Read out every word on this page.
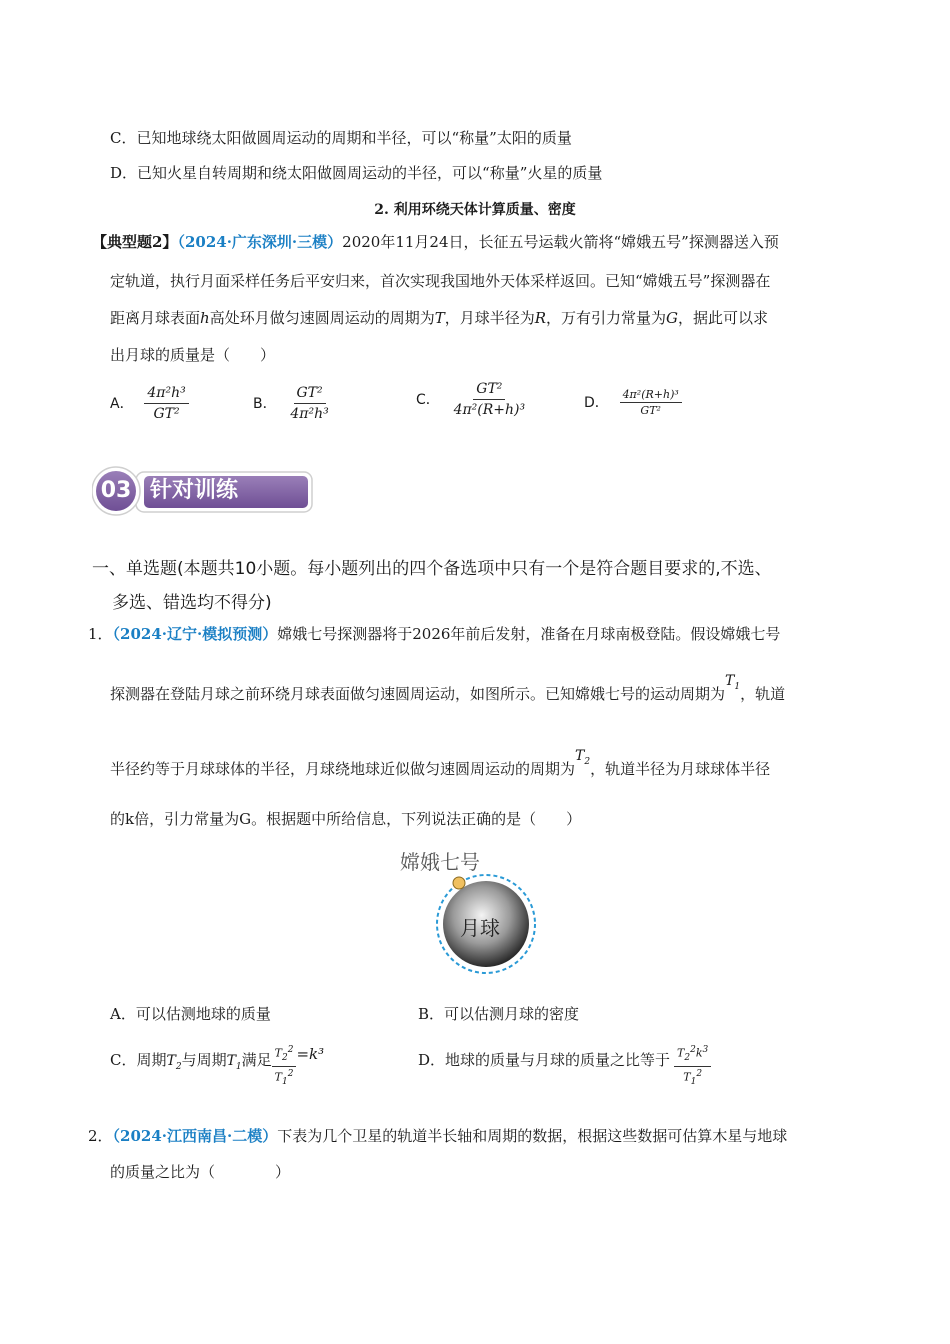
C．已知地球绕太阳做圆周运动的周期和半径，可以“称量”太阳的质量
D．已知火星自转周期和绕太阳做圆周运动的半径，可以“称量”火星的质量
2. 利用环绕天体计算质量、密度
【典型题2】（2024·广东深圳·三模）2020年11月24日，长征五号运载火箭将“嫦娥五号”探测器送入预
定轨道，执行月面采样任务后平安归来，首次实现我国地外天体采样返回。已知“嫦娥五号”探测器在
距离月球表面h高处环月做匀速圆周运动的周期为T，月球半径为R，万有引力常量为G，据此可以求
出月球的质量是（　　）
A． $\frac{\text{4π²h³}}{\text{GT²}}$	B． $\frac{\text{GT²}}{\text{4π²h³}}$	C． $\frac{\text{GT²}}{\text{4π²(R+h)³}}$	D． $\frac{\text{4π²(R+h)³}}{\text{GT²}}$
03 针对训练
一、单选题(本题共10小题。每小题列出的四个备选项中只有一个是符合题目要求的,不选、
多选、错选均不得分)
1．（2024·辽宁·模拟预测）嫦娥七号探测器将于2026年前后发射，准备在月球南极登陆。假设嫦娥七号
探测器在登陆月球之前环绕月球表面做匀速圆周运动，如图所示。已知嫦娥七号的运动周期为$T_1$，轨道
半径约等于月球球体的半径，月球绕地球近似做匀速圆周运动的周期为$T_2$，轨道半径为月球球体半径
的k倍，引力常量为G。根据题中所给信息，下列说法正确的是（　　）
嫦娥七号
月球
A．可以估测地球的质量	B．可以估测月球的密度
C．周期$T_2$与周期$T_1$满足 $\frac{T_2^2}{T_1^2} =k^3$	D．地球的质量与月球的质量之比等于 $\frac{T_2^2k^3}{T_1^2}$
2．（2024·江西南昌·二模）下表为几个卫星的轨道半长轴和周期的数据，根据这些数据可估算木星与地球
的质量之比为（　　　　）
